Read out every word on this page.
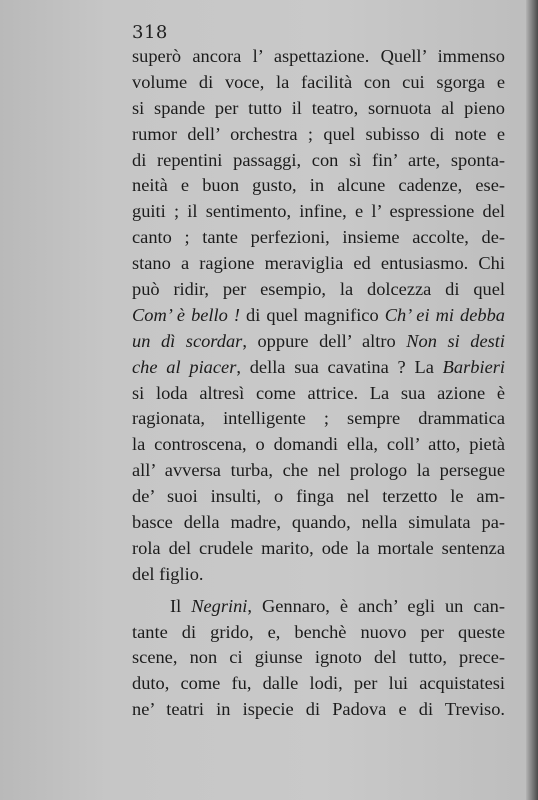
318
superò ancora l’ aspettazione. Quell’ immenso
volume di voce, la facilità con cui sgorga e
si spande per tutto il teatro, sornuota al pieno
rumor dell’ orchestra ; quel subisso di note e
di repentini passaggi, con sì fin’ arte, sponta-
neità e buon gusto, in alcune cadenze, ese-
guiti ; il sentimento, infine, e l’ espressione del
canto ; tante perfezioni, insieme accolte, de-
stano a ragione meraviglia ed entusiasmo. Chi
può ridir, per esempio, la dolcezza di quel
Com’ è bello ! di quel magnifico Ch’ ei mi debba
un dì scordar, oppure dell’ altro Non si desti
che al piacer, della sua cavatina ? La Barbieri
si loda altresì come attrice. La sua azione è
ragionata, intelligente ; sempre drammatica
la controscena, o domandi ella, coll’ atto, pietà
all’ avversa turba, che nel prologo la persegue
de’ suoi insulti, o finga nel terzetto le am-
basce della madre, quando, nella simulata pa-
rola del crudele marito, ode la mortale sentenza
del figlio.
Il Negrini, Gennaro, è anch’ egli un can-
tante di grido, e, benchè nuovo per queste
scene, non ci giunse ignoto del tutto, prece-
duto, come fu, dalle lodi, per lui acquistatesi
ne’ teatri in ispecie di Padova e di Treviso.
